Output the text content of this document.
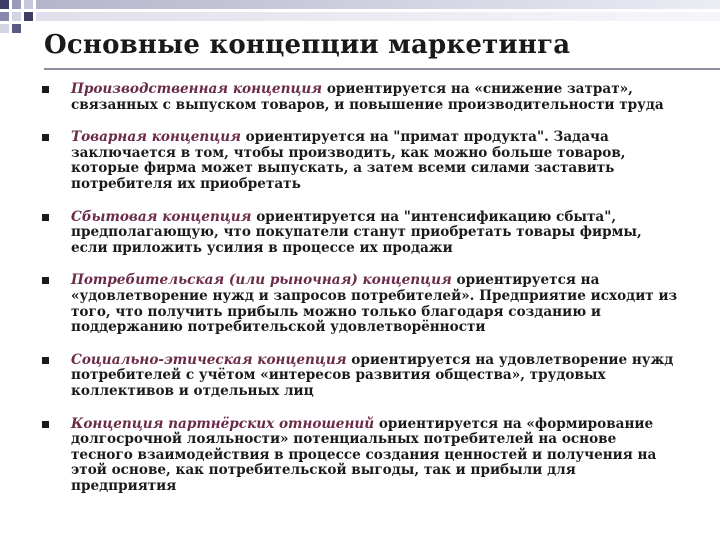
Основные концепции маркетинга
Производственная концепция ориентируется на «снижение затрат», связанных с выпуском товаров, и повышение производительности труда
Товарная концепция ориентируется на "примат продукта". Задача заключается в том, чтобы производить, как можно больше товаров, которые фирма может выпускать, а затем всеми силами заставить потребителя их приобретать
Сбытовая концепция ориентируется на "интенсификацию сбыта", предполагающую, что покупатели станут приобретать товары фирмы, если приложить усилия в процессе их продажи
Потребительская (или рыночная) концепция ориентируется на «удовлетворение нужд и запросов потребителей». Предприятие исходит из того, что получить прибыль можно только благодаря созданию и поддержанию потребительской удовлетворённости
Социально-этическая концепция ориентируется на удовлетворение нужд потребителей с учётом «интересов развития общества», трудовых коллективов и отдельных лиц
Концепция партнёрских отношений ориентируется на «формирование долгосрочной лояльности» потенциальных потребителей на основе тесного взаимодействия в процессе создания ценностей и получения на этой основе, как потребительской выгоды, так и прибыли для предприятия
